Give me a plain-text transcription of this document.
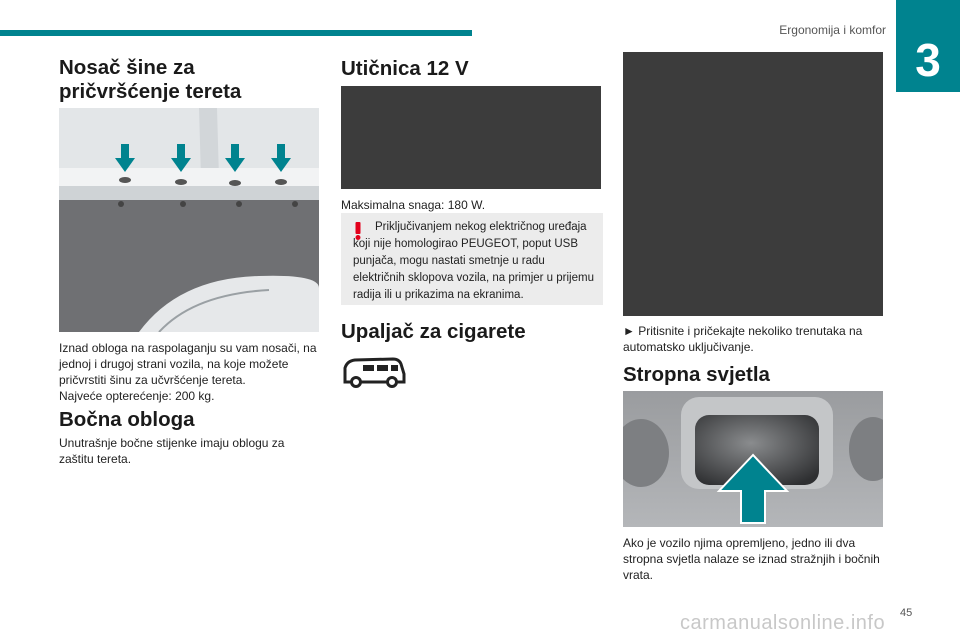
Ergonomija i komfor
3
Nosač šine za pričvršćenje tereta

Iznad obloga na raspolaganju su vam nosači, na jednoj i drugoj strani vozila, na koje možete pričvrstiti šinu za učvršćenje tereta.

Najveće opterećenje: 200 kg.

Bočna obloga

Unutrašnje bočne stijenke imaju oblogu za zaštitu tereta.

Utičnica 12 V

Maksimalna snaga: 180 W.

Priključivanjem nekog električnog uređaja koji nije homologirao PEUGEOT, poput USB punjača, mogu nastati smetnje u radu električnih sklopova vozila, na primjer u prijemu radija ili u prikazima na ekranima.

Upaljač za cigarete	► Pritisnite i pričekajte nekoliko trenutaka na automatsko uključivanje.

Stropna svjetla

Ako je vozilo njima opremljeno, jedno ili dva stropna svjetla nalaze se iznad stražnjih i bočnih vrata.

carmanualsonline.info 45
